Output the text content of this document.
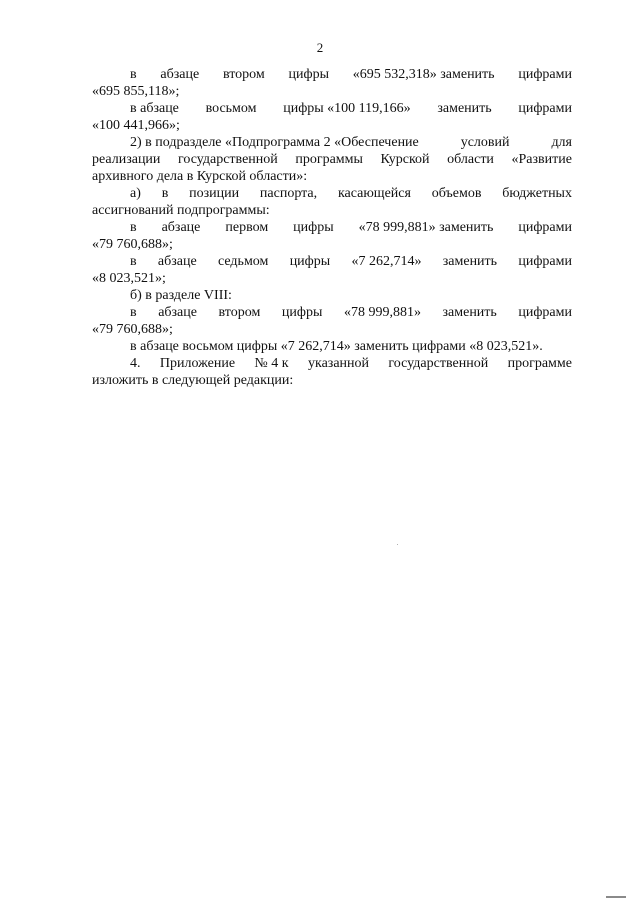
2
в абзаце втором цифры «695 532,318» заменить цифрами
«695 855,118»;
в абзаце восьмом цифры «100 119,166» заменить цифрами
«100 441,966»;
2) в подразделе «Подпрограмма 2 «Обеспечение	условий	для
реализации государственной программы Курской области «Развитие
архивного дела в Курской области»:
а) в позиции паспорта, касающейся объемов бюджетных
ассигнований подпрограммы:
в абзаце первом цифры «78 999,881» заменить цифрами
«79 760,688»;
в абзаце седьмом цифры «7 262,714» заменить цифрами
«8 023,521»;
б) в разделе VIII:
в абзаце втором цифры «78 999,881» заменить цифрами
«79 760,688»;
в абзаце восьмом цифры «7 262,714» заменить цифрами «8 023,521».
4. Приложение № 4 к указанной государственной программе
изложить в следующей редакции:
